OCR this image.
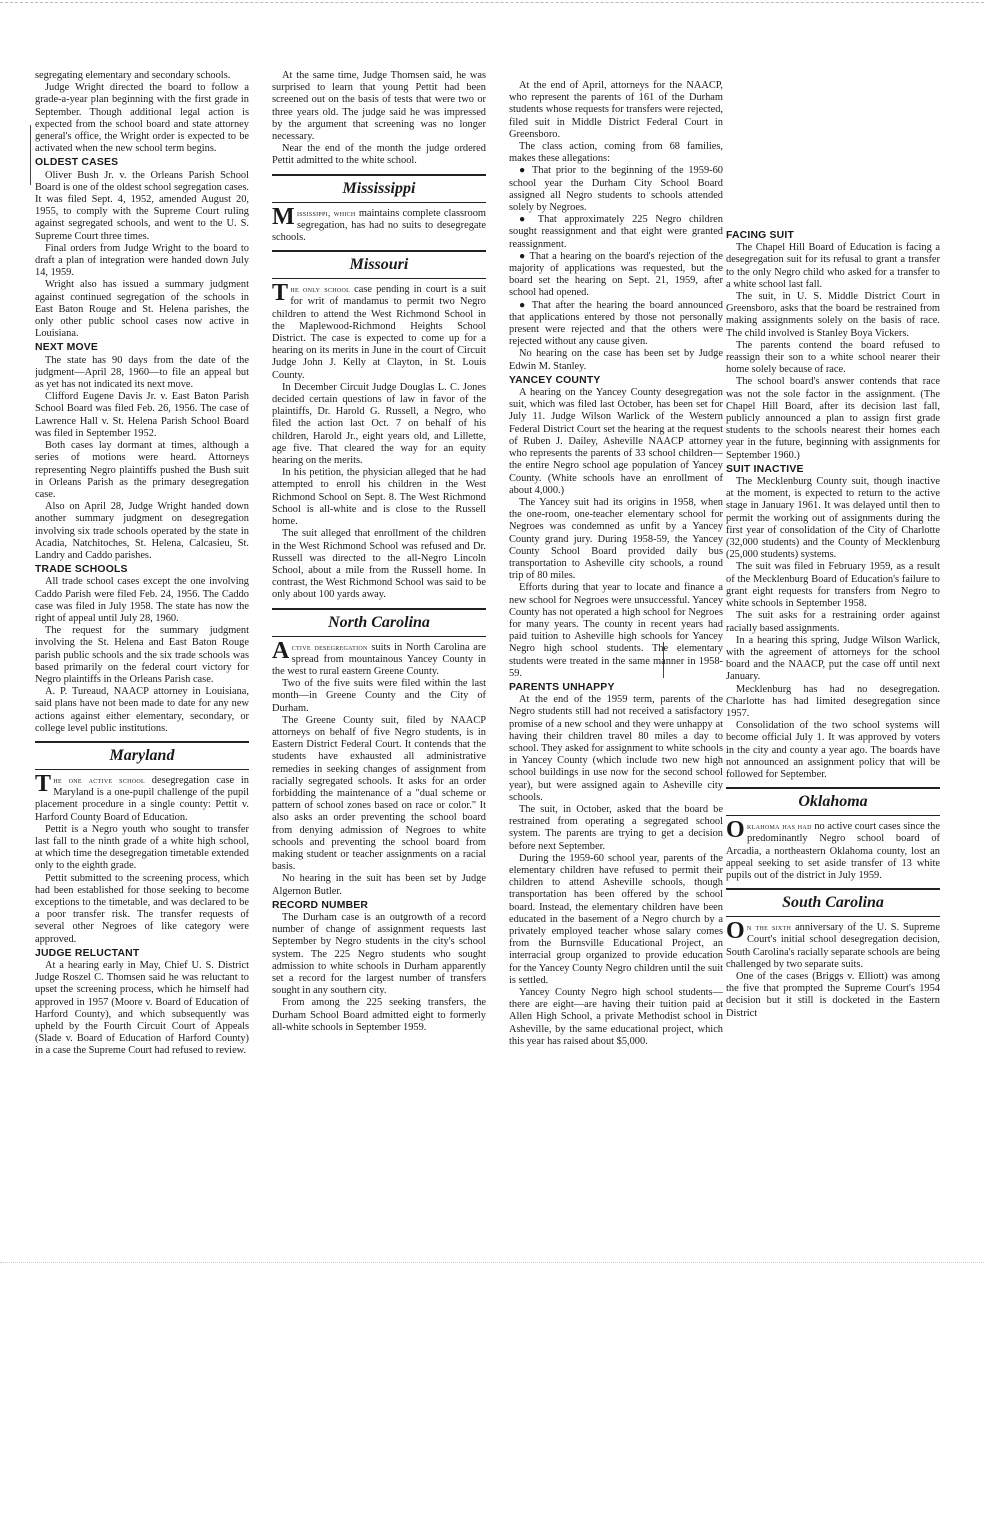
segregating elementary and secondary schools.

Judge Wright directed the board to follow a grade-a-year plan beginning with the first grade in September. Though additional legal action is expected from the school board and state attorney general's office, the Wright order is expected to be activated when the new school term begins.

OLDEST CASES

Oliver Bush Jr. v. the Orleans Parish School Board is one of the oldest school segregation cases. It was filed Sept. 4, 1952, amended August 20, 1955, to comply with the Supreme Court ruling against segregated schools, and went to the U. S. Supreme Court three times.

Final orders from Judge Wright to the board to draft a plan of integration were handed down July 14, 1959.

Wright also has issued a summary judgment against continued segregation of the schools in East Baton Rouge and St. Helena parishes, the only other public school cases now active in Louisiana.

NEXT MOVE

The state has 90 days from the date of the judgment—April 28, 1960—to file an appeal but as yet has not indicated its next move.

Clifford Eugene Davis Jr. v. East Baton Parish School Board was filed Feb. 26, 1956. The case of Lawrence Hall v. St. Helena Parish School Board was filed in September 1952.

Both cases lay dormant at times, although a series of motions were heard. Attorneys representing Negro plaintiffs pushed the Bush suit in Orleans Parish as the primary desegregation case.

Also on April 28, Judge Wright handed down another summary judgment on desegregation involving six trade schools operated by the state in Acadia, Natchitoches, St. Helena, Calcasieu, St. Landry and Caddo parishes.

TRADE SCHOOLS

All trade school cases except the one involving Caddo Parish were filed Feb. 24, 1956. The Caddo case was filed in July 1958. The state has now the right of appeal until July 28, 1960.

The request for the summary judgment involving the St. Helena and East Baton Rouge parish public schools and the six trade schools was based primarily on the federal court victory for Negro plaintiffs in the Orleans Parish case.

A. P. Tureaud, NAACP attorney in Louisiana, said plans have not been made to date for any new actions against either elementary, secondary, or college level public institutions.

Maryland

The one active school desegregation case in Maryland is a one-pupil challenge of the pupil placement procedure in a single county: Pettit v. Harford County Board of Education.

Pettit is a Negro youth who sought to transfer last fall to the ninth grade of a white high school, at which time the desegregation timetable extended only to the eighth grade.

Pettit submitted to the screening process, which had been established for those seeking to become exceptions to the timetable, and was declared to be a poor transfer risk. The transfer requests of several other Negroes of like category were approved.

JUDGE RELUCTANT

At a hearing early in May, Chief U. S. District Judge Roszel C. Thomsen said he was reluctant to upset the screening process, which he himself had approved in 1957 (Moore v. Board of Education of Harford County), and which subsequently was upheld by the Fourth Circuit Court of Appeals (Slade v. Board of Education of Harford County) in a case the Supreme Court had refused to review.

At the same time, Judge Thomsen said, he was surprised to learn that young Pettit had been screened out on the basis of tests that were two or three years old. The judge said he was impressed by the argument that screening was no longer necessary.

Near the end of the month the judge ordered Pettit admitted to the white school.

Mississippi

Mississippi, which maintains complete classroom segregation, has had no suits to desegregate schools.

Missouri

The only school case pending in court is a suit for writ of mandamus to permit two Negro children to attend the West Richmond School in the Maplewood-Richmond Heights School District. The case is expected to come up for a hearing on its merits in June in the court of Circuit Judge John J. Kelly at Clayton, in St. Louis County.

In December Circuit Judge Douglas L. C. Jones decided certain questions of law in favor of the plaintiffs, Dr. Harold G. Russell, a Negro, who filed the action last Oct. 7 on behalf of his children, Harold Jr., eight years old, and Lillette, age five. That cleared the way for an equity hearing on the merits.

In his petition, the physician alleged that he had attempted to enroll his children in the West Richmond School on Sept. 8. The West Richmond School is all-white and is close to the Russell home.

The suit alleged that enrollment of the children in the West Richmond School was refused and Dr. Russell was directed to the all-Negro Lincoln School, about a mile from the Russell home. In contrast, the West Richmond School was said to be only about 100 yards away.

North Carolina

Active desegregation suits in North Carolina are spread from mountainous Yancey County in the west to rural eastern Greene County.

Two of the five suits were filed within the last month—in Greene County and the City of Durham.

The Greene County suit, filed by NAACP attorneys on behalf of five Negro students, is in Eastern District Federal Court. It contends that the students have exhausted all administrative remedies in seeking changes of assignment from racially segregated schools. It asks for an order forbidding the maintenance of a "dual scheme or pattern of school zones based on race or color." It also asks an order preventing the school board from denying admission of Negroes to white schools and preventing the school board from making student or teacher assignments on a racial basis.

No hearing in the suit has been set by Judge Algernon Butler.

RECORD NUMBER

The Durham case is an outgrowth of a record number of change of assignment requests last September by Negro students in the city's school system. The 225 Negro students who sought admission to white schools in Durham apparently set a record for the largest number of transfers sought in any southern city.

From among the 225 seeking transfers, the Durham School Board admitted eight to formerly all-white schools in September 1959.

At the end of April, attorneys for the NAACP, who represent the parents of 161 of the Durham students whose requests for transfers were rejected, filed suit in Middle District Federal Court in Greensboro.

The class action, coming from 68 families, makes these allegations:

● That prior to the beginning of the 1959-60 school year the Durham City School Board assigned all Negro students to schools attended solely by Negroes.

● That approximately 225 Negro children sought reassignment and that eight were granted reassignment.

● That a hearing on the board's rejection of the majority of applications was requested, but the board set the hearing on Sept. 21, 1959, after school had opened.

● That after the hearing the board announced that applications entered by those not personally present were rejected and that the others were rejected without any cause given.

No hearing on the case has been set by Judge Edwin M. Stanley.

YANCEY COUNTY

A hearing on the Yancey County desegregation suit, which was filed last October, has been set for July 11. Judge Wilson Warlick of the Western Federal District Court set the hearing at the request of Ruben J. Dailey, Asheville NAACP attorney who represents the parents of 33 school children—the entire Negro school age population of Yancey County. (White schools have an enrollment of about 4,000.)

The Yancey suit had its origins in 1958, when the one-room, one-teacher elementary school for Negroes was condemned as unfit by a Yancey County grand jury. During 1958-59, the Yancey County School Board provided daily bus transportation to Asheville city schools, a round trip of 80 miles.

Efforts during that year to locate and finance a new school for Negroes were unsuccessful. Yancey County has not operated a high school for Negroes for many years. The county in recent years had paid tuition to Asheville high schools for Yancey Negro high school students. The elementary students were treated in the same manner in 1958-59.

PARENTS UNHAPPY

At the end of the 1959 term, parents of the Negro students still had not received a satisfactory promise of a new school and they were unhappy at having their children travel 80 miles a day to school. They asked for assignment to white schools in Yancey County (which include two new high school buildings in use now for the second school year), but were assigned again to Asheville city schools.

The suit, in October, asked that the board be restrained from operating a segregated school system. The parents are trying to get a decision before next September.

During the 1959-60 school year, parents of the elementary children have refused to permit their children to attend Asheville schools, though transportation has been offered by the school board. Instead, the elementary children have been educated in the basement of a Negro church by a privately employed teacher whose salary comes from the Burnsville Educational Project, an interracial group organized to provide education for the Yancey County Negro children until the suit is settled.

Yancey County Negro high school students—there are eight—are having their tuition paid at Allen High School, a private Methodist school in Asheville, by the same educational project, which this year has raised about $5,000.

FACING SUIT

The Chapel Hill Board of Education is facing a desegregation suit for its refusal to grant a transfer to the only Negro child who asked for a transfer to a white school last fall.

The suit, in U. S. Middle District Court in Greensboro, asks that the board be restrained from making assignments solely on the basis of race. The child involved is Stanley Boya Vickers.

The parents contend the board refused to reassign their son to a white school nearer their home solely because of race.

The school board's answer contends that race was not the sole factor in the assignment. (The Chapel Hill Board, after its decision last fall, publicly announced a plan to assign first grade students to the schools nearest their homes each year in the future, beginning with assignments for September 1960.)

SUIT INACTIVE

The Mecklenburg County suit, though inactive at the moment, is expected to return to the active stage in January 1961. It was delayed until then to permit the working out of assignments during the first year of consolidation of the City of Charlotte (32,000 students) and the County of Mecklenburg (25,000 students) systems.

The suit was filed in February 1959, as a result of the Mecklenburg Board of Education's failure to grant eight requests for transfers from Negro to white schools in September 1958.

The suit asks for a restraining order against racially based assignments.

In a hearing this spring, Judge Wilson Warlick, with the agreement of attorneys for the school board and the NAACP, put the case off until next January.

Mecklenburg has had no desegregation. Charlotte has had limited desegregation since 1957.

Consolidation of the two school systems will become official July 1. It was approved by voters in the city and county a year ago. The boards have not announced an assignment policy that will be followed for September.

Oklahoma

Oklahoma has had no active court cases since the predominantly Negro school board of Arcadia, a northeastern Oklahoma county, lost an appeal seeking to set aside transfer of 13 white pupils out of the district in July 1959.

South Carolina

On the sixth anniversary of the U. S. Supreme Court's initial school desegregation decision, South Carolina's racially separate schools are being challenged by two separate suits.

One of the cases (Briggs v. Elliott) was among the five that prompted the Supreme Court's 1954 decision but it still is docketed in the Eastern District
